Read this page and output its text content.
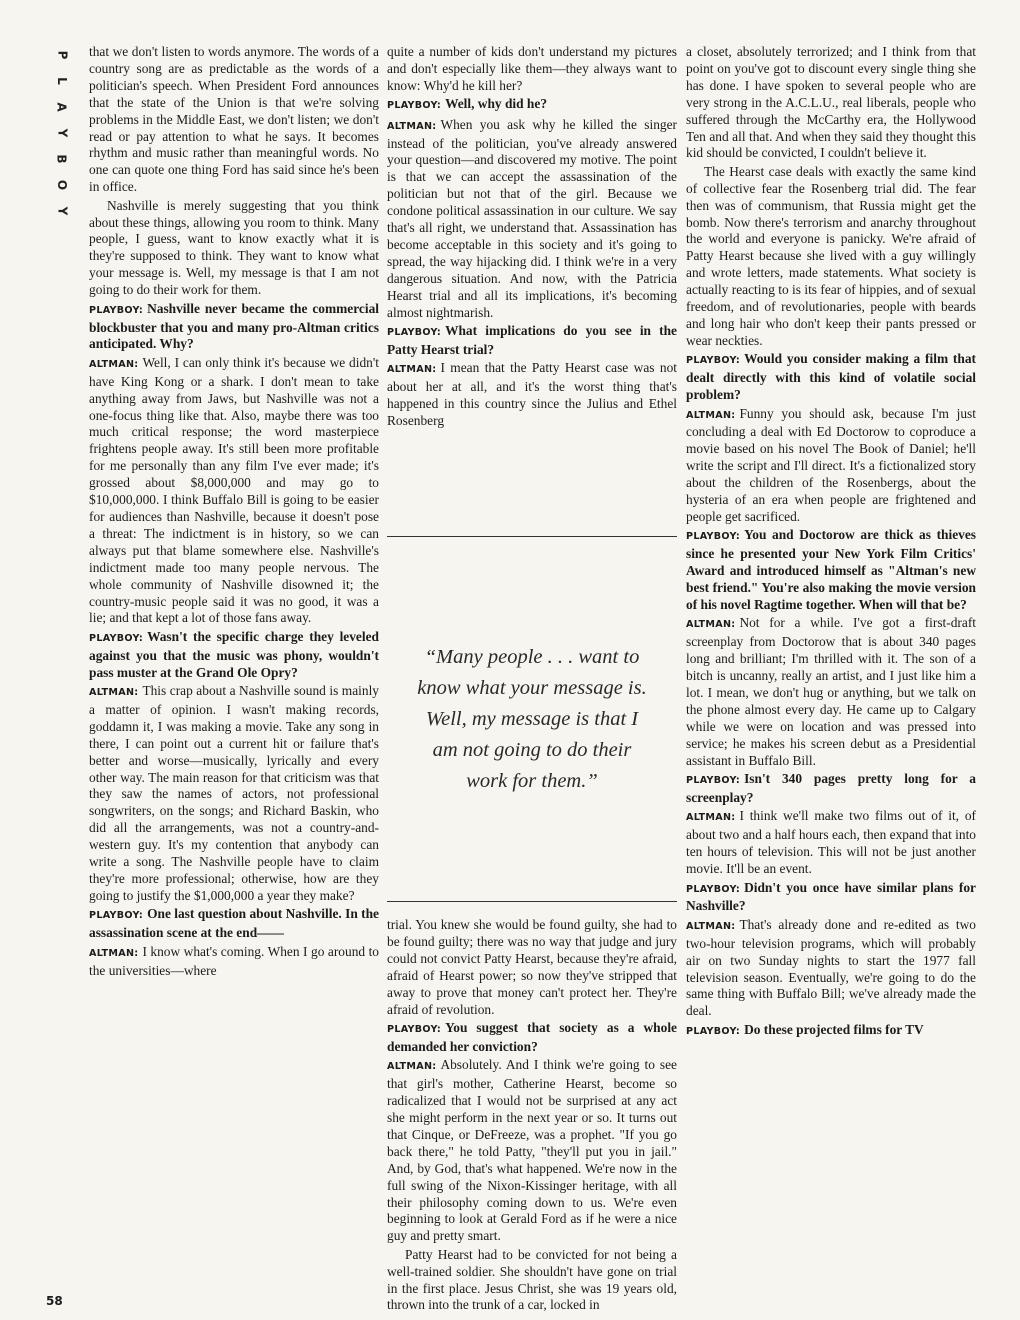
P
L
A
Y
B
O
Y
58

that we don't listen to words anymore. The words of a country song are as predictable as the words of a politician's speech. When President Ford announces that the state of the Union is that we're solving problems in the Middle East, we don't listen; we don't read or pay attention to what he says. It becomes rhythm and music rather than meaningful words. No one can quote one thing Ford has said since he's been in office.

Nashville is merely suggesting that you think about these things, allowing you room to think. Many people, I guess, want to know exactly what it is they're supposed to think. They want to know what your message is. Well, my message is that I am not going to do their work for them.

PLAYBOY: Nashville never became the commercial blockbuster that you and many pro-Altman critics anticipated. Why?

ALTMAN: Well, I can only think it's because we didn't have King Kong or a shark. I don't mean to take anything away from Jaws, but Nashville was not a one-focus thing like that. Also, maybe there was too much critical response; the word masterpiece frightens people away. It's still been more profitable for me personally than any film I've ever made; it's grossed about $8,000,000 and may go to $10,000,000. I think Buffalo Bill is going to be easier for audiences than Nashville, because it doesn't pose a threat: The indictment is in history, so we can always put that blame somewhere else. Nashville's indictment made too many people nervous. The whole community of Nashville disowned it; the country-music people said it was no good, it was a lie; and that kept a lot of those fans away.

PLAYBOY: Wasn't the specific charge they leveled against you that the music was phony, wouldn't pass muster at the Grand Ole Opry?

ALTMAN: This crap about a Nashville sound is mainly a matter of opinion. I wasn't making records, goddamn it, I was making a movie. Take any song in there, I can point out a current hit or failure that's better and worse—musically, lyrically and every other way. The main reason for that criticism was that they saw the names of actors, not professional songwriters, on the songs; and Richard Baskin, who did all the arrangements, was not a country-and-western guy. It's my contention that anybody can write a song. The Nashville people have to claim they're more professional; otherwise, how are they going to justify the $1,000,000 a year they make?

PLAYBOY: One last question about Nashville. In the assassination scene at the end——

ALTMAN: I know what's coming. When I go around to the universities—where

quite a number of kids don't understand my pictures and don't especially like them—they always want to know: Why'd he kill her?

PLAYBOY: Well, why did he?

ALTMAN: When you ask why he killed the singer instead of the politician, you've already answered your question—and discovered my motive. The point is that we can accept the assassination of the politician but not that of the girl. Because we condone political assassination in our culture. We say that's all right, we understand that. Assassination has become acceptable in this society and it's going to spread, the way hijacking did. I think we're in a very dangerous situation. And now, with the Patricia Hearst trial and all its implications, it's becoming almost nightmarish.

PLAYBOY: What implications do you see in the Patty Hearst trial?

ALTMAN: I mean that the Patty Hearst case was not about her at all, and it's the worst thing that's happened in this country since the Julius and Ethel Rosenberg

“Many people . . . want to know what your message is. Well, my message is that I am not going to do their work for them.”

trial. You knew she would be found guilty, she had to be found guilty; there was no way that judge and jury could not convict Patty Hearst, because they're afraid, afraid of Hearst power; so now they've stripped that away to prove that money can't protect her. They're afraid of revolution.

PLAYBOY: You suggest that society as a whole demanded her conviction?

ALTMAN: Absolutely. And I think we're going to see that girl's mother, Catherine Hearst, become so radicalized that I would not be surprised at any act she might perform in the next year or so. It turns out that Cinque, or DeFreeze, was a prophet. "If you go back there," he told Patty, "they'll put you in jail." And, by God, that's what happened. We're now in the full swing of the Nixon-Kissinger heritage, with all their philosophy coming down to us. We're even beginning to look at Gerald Ford as if he were a nice guy and pretty smart.

Patty Hearst had to be convicted for not being a well-trained soldier. She shouldn't have gone on trial in the first place. Jesus Christ, she was 19 years old, thrown into the trunk of a car, locked in

a closet, absolutely terrorized; and I think from that point on you've got to discount every single thing she has done. I have spoken to several people who are very strong in the A.C.L.U., real liberals, people who suffered through the McCarthy era, the Hollywood Ten and all that. And when they said they thought this kid should be convicted, I couldn't believe it.

The Hearst case deals with exactly the same kind of collective fear the Rosenberg trial did. The fear then was of communism, that Russia might get the bomb. Now there's terrorism and anarchy throughout the world and everyone is panicky. We're afraid of Patty Hearst because she lived with a guy willingly and wrote letters, made statements. What society is actually reacting to is its fear of hippies, and of sexual freedom, and of revolutionaries, people with beards and long hair who don't keep their pants pressed or wear neckties.

PLAYBOY: Would you consider making a film that dealt directly with this kind of volatile social problem?

ALTMAN: Funny you should ask, because I'm just concluding a deal with Ed Doctorow to coproduce a movie based on his novel The Book of Daniel; he'll write the script and I'll direct. It's a fictionalized story about the children of the Rosenbergs, about the hysteria of an era when people are frightened and people get sacrificed.

PLAYBOY: You and Doctorow are thick as thieves since he presented your New York Film Critics' Award and introduced himself as "Altman's new best friend." You're also making the movie version of his novel Ragtime together. When will that be?

ALTMAN: Not for a while. I've got a first-draft screenplay from Doctorow that is about 340 pages long and brilliant; I'm thrilled with it. The son of a bitch is uncanny, really an artist, and I just like him a lot. I mean, we don't hug or anything, but we talk on the phone almost every day. He came up to Calgary while we were on location and was pressed into service; he makes his screen debut as a Presidential assistant in Buffalo Bill.

PLAYBOY: Isn't 340 pages pretty long for a screenplay?

ALTMAN: I think we'll make two films out of it, of about two and a half hours each, then expand that into ten hours of television. This will not be just another movie. It'll be an event.

PLAYBOY: Didn't you once have similar plans for Nashville?

ALTMAN: That's already done and re-edited as two two-hour television programs, which will probably air on two Sunday nights to start the 1977 fall television season. Eventually, we're going to do the same thing with Buffalo Bill; we've already made the deal.

PLAYBOY: Do these projected films for TV
